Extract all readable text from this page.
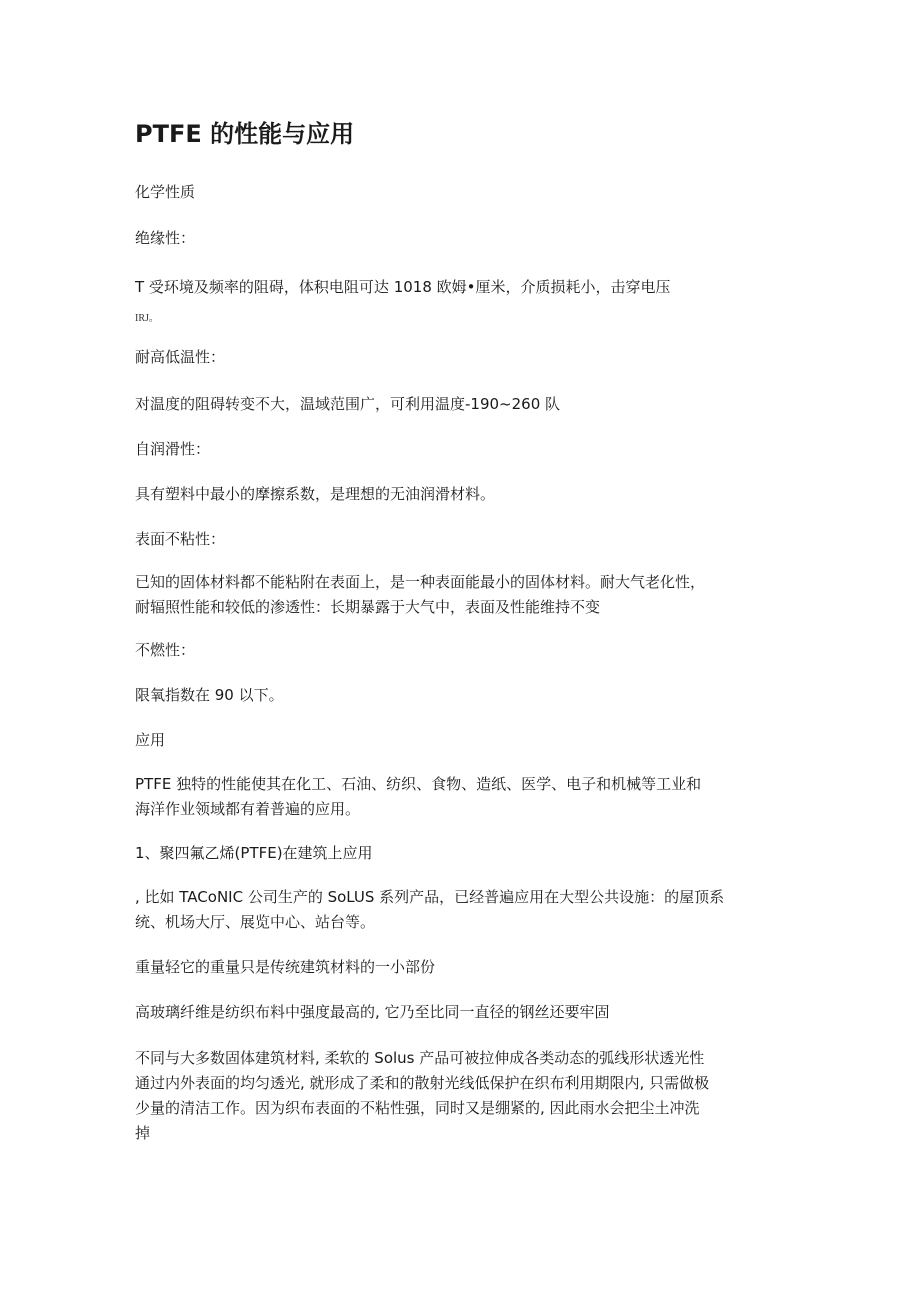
PTFE 的性能与应用

化学性质

绝缘性：

T 受环境及频率的阻碍，体积电阻可达 1018 欧姆•厘米，介质损耗小，击穿电压

IRJ。

耐高低温性：

对温度的阻碍转变不大，温域范围广，可利用温度-190~260 队

自润滑性：

具有塑料中最小的摩擦系数，是理想的无油润滑材料。

表面不粘性：

已知的固体材料都不能粘附在表面上，是一种表面能最小的固体材料。耐大气老化性，

耐辐照性能和较低的渗透性：长期暴露于大气中，表面及性能维持不变

不燃性：

限氧指数在 90 以下。

应用

PTFE 独特的性能使其在化工、石油、纺织、食物、造纸、医学、电子和机械等工业和

海洋作业领域都有着普遍的应用。

1、聚四氟乙烯(PTFE)在建筑上应用

, 比如 TACoNIC 公司生产的 SoLUS 系列产品，已经普遍应用在大型公共设施：的屋顶系

统、机场大厅、展览中心、站台等。

重量轻它的重量只是传统建筑材料的一小部份

高玻璃纤维是纺织布料中强度最高的, 它乃至比同一直径的钢丝还要牢固

不同与大多数固体建筑材料, 柔软的 Solus 产品可被拉伸成各类动态的弧线形状透光性

通过内外表面的均匀透光, 就形成了柔和的散射光线低保护在织布利用期限内, 只需做极

少量的清洁工作。因为织布表面的不粘性强，同时又是绷紧的, 因此雨水会把尘土冲洗

掉
